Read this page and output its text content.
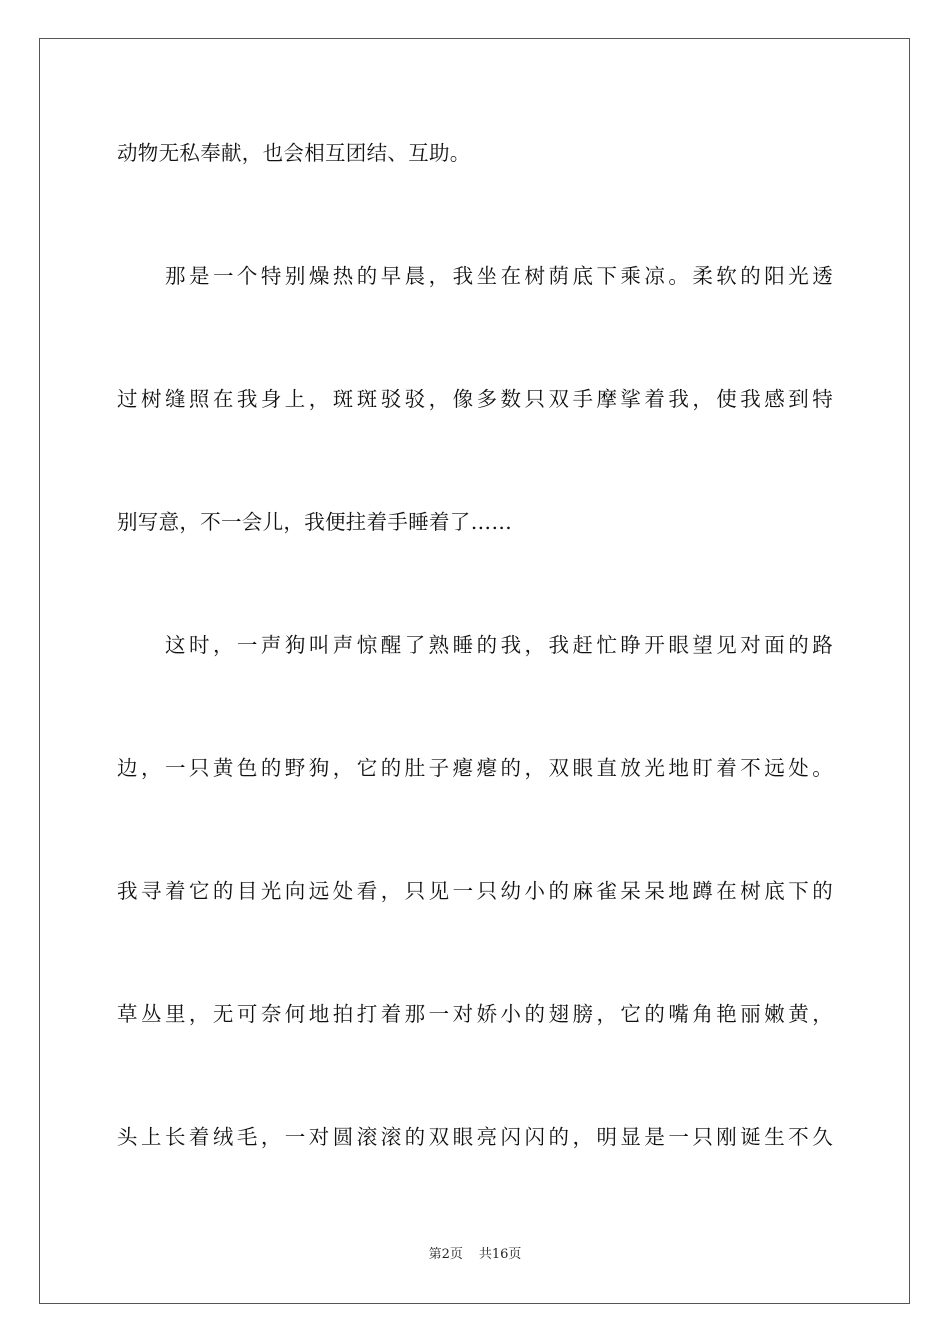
动物无私奉献，也会相互团结、互助。
那是一个特别燥热的早晨，我坐在树荫底下乘凉。柔软的阳光透
过树缝照在我身上，斑斑驳驳，像多数只双手摩挲着我，使我感到特
别写意，不一会儿，我便拄着手睡着了……
这时，一声狗叫声惊醒了熟睡的我，我赶忙睁开眼望见对面的路
边，一只黄色的野狗，它的肚子瘪瘪的，双眼直放光地盯着不远处。
我寻着它的目光向远处看，只见一只幼小的麻雀呆呆地蹲在树底下的
草丛里，无可奈何地拍打着那一对娇小的翅膀，它的嘴角艳丽嫩黄，
头上长着绒毛，一对圆滚滚的双眼亮闪闪的，明显是一只刚诞生不久
第2页 共16页
